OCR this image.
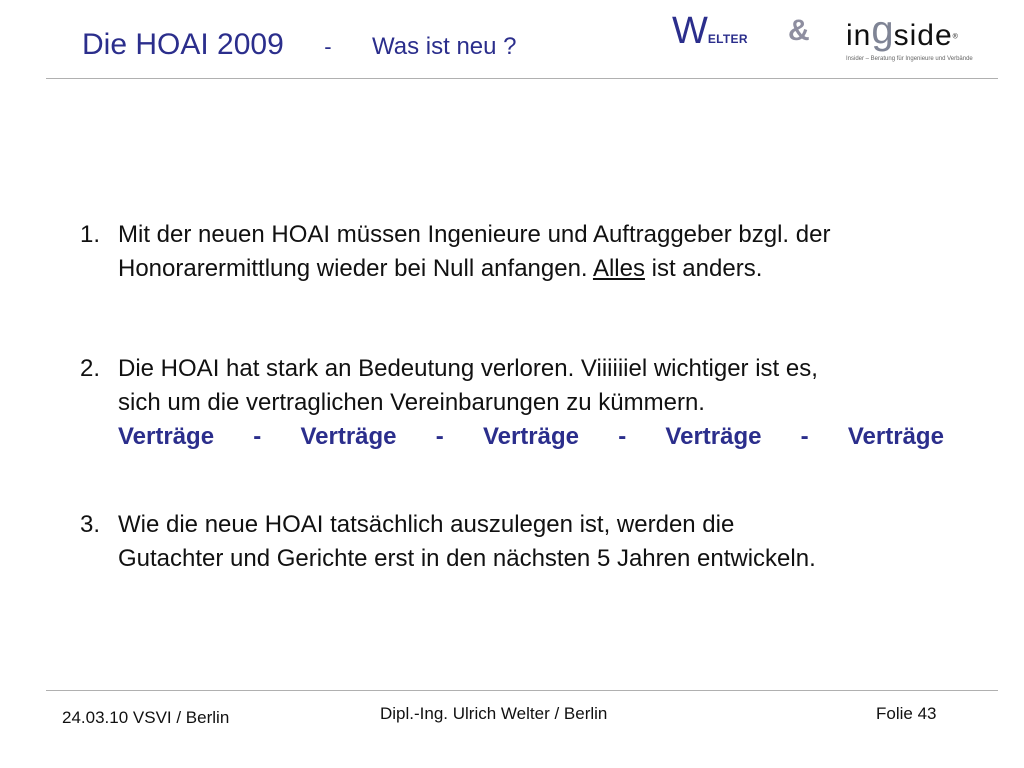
Die HOAI 2009 - Was ist neu ?	WELTER & ingside®
Insider – Beratung für Ingenieure und Verbände
1. Mit der neuen HOAI müssen Ingenieure und Auftraggeber bzgl. der
Honorarermittlung wieder bei Null anfangen. Alles ist anders.
2. Die HOAI hat stark an Bedeutung verloren. Viiiiiiel wichtiger ist es,
sich um die vertraglichen Vereinbarungen zu kümmern.
Verträge - Verträge - Verträge - Verträge - Verträge
3. Wie die neue HOAI tatsächlich auszulegen ist, werden die
Gutachter und Gerichte erst in den nächsten 5 Jahren entwickeln.
24.03.10 VSVI / Berlin	Dipl.-Ing. Ulrich Welter / Berlin	Folie 43
